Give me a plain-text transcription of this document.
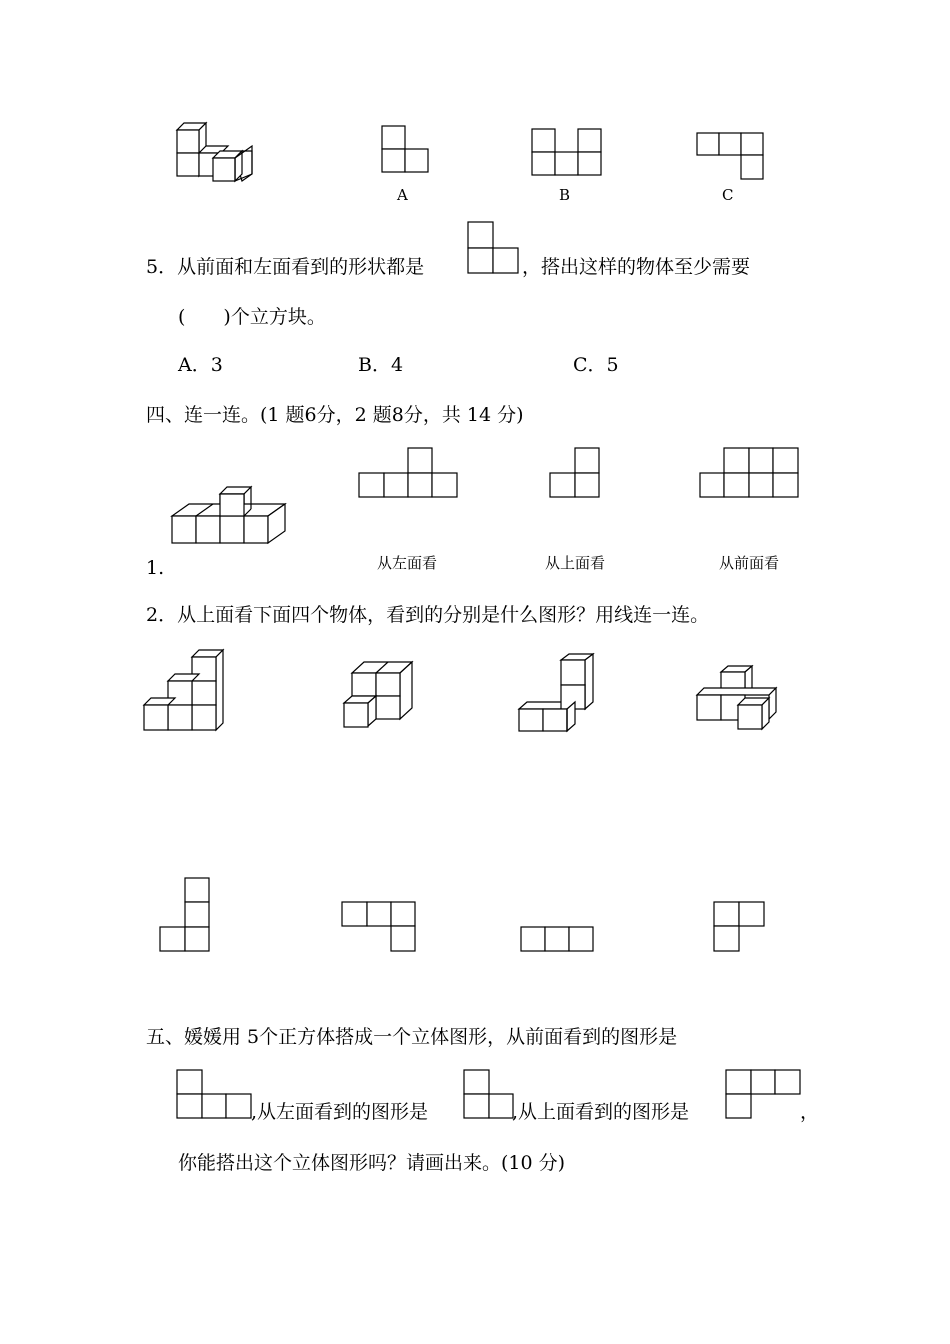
A	B	C
5．从前面和左面看到的形状都是	，搭出这样的物体至少需要
(　　)个立方块。
A．3	B．4	C．5
四、连一连。(1 题6分，2 题8分，共 14 分)
1.	从左面看	从上面看	从前面看
2．从上面看下面四个物体，看到的分别是什么图形？用线连一连。
五、媛媛用 5个正方体搭成一个立体图形，从前面看到的图形是
,从左面看到的图形是	,从上面看到的图形是	，
你能搭出这个立体图形吗？请画出来。(10 分)
